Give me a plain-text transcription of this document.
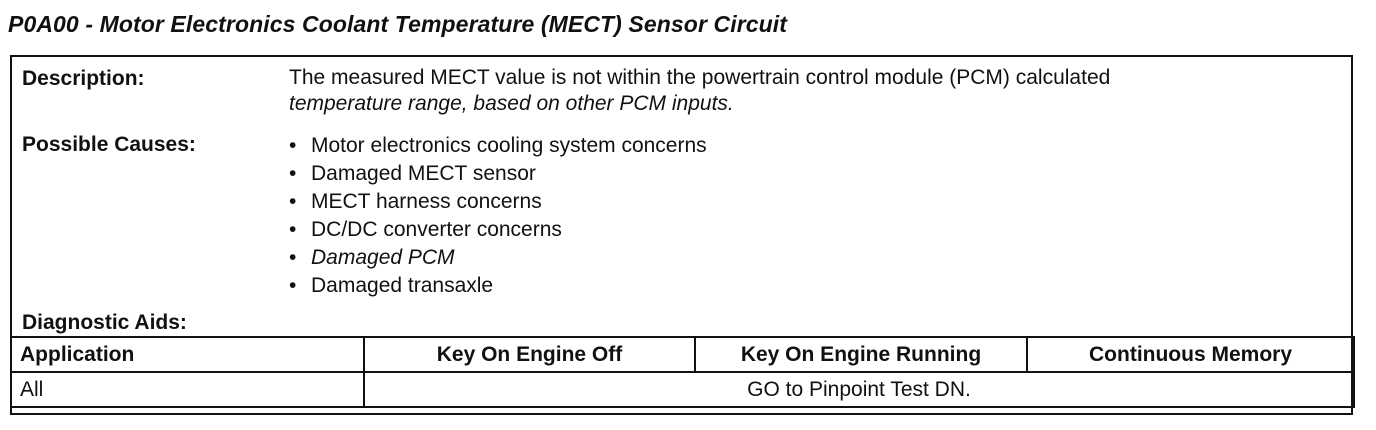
P0A00 - Motor Electronics Coolant Temperature (MECT) Sensor Circuit
Description:	The measured MECT value is not within the powertrain control module (PCM) calculated
temperature range, based on other PCM inputs.
Possible Causes:	• Motor electronics cooling system concerns
• Damaged MECT sensor
• MECT harness concerns
• DC/DC converter concerns
• Damaged PCM
• Damaged transaxle
Diagnostic Aids:
Application	Key On Engine Off	Key On Engine Running	Continuous Memory
All	GO to Pinpoint Test DN.		
